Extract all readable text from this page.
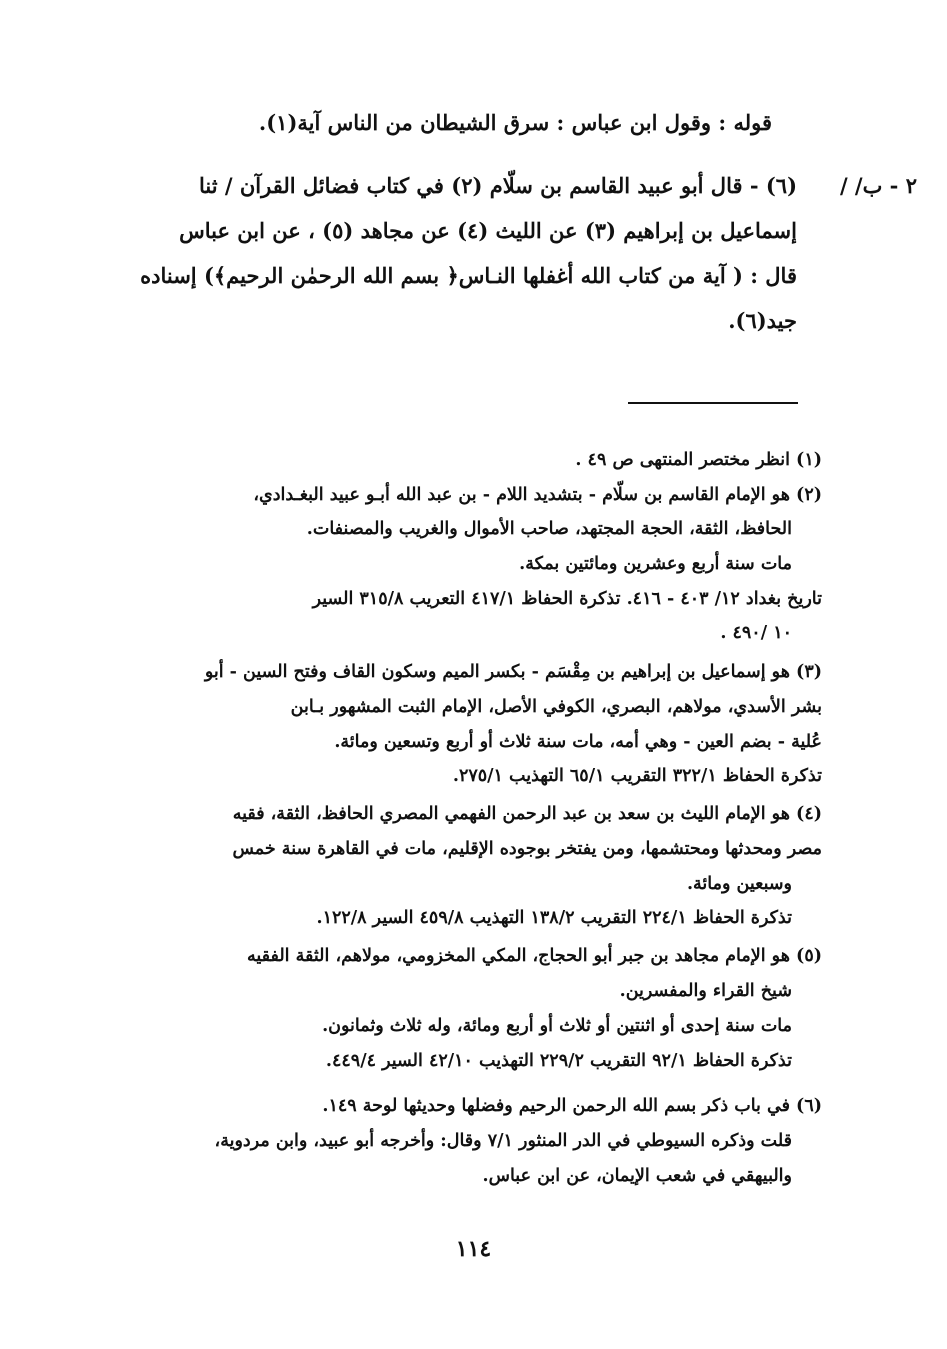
قوله : وقول ابن عباس : سرق الشيطان من الناس آية(١).
٢ - ب/ /
(٦) - قال أبو عبيد القاسم بن سلّام (٢) في كتاب فضائل القرآن / ثنا
إسماعيل بن إبراهيم (٣) عن الليث (٤) عن مجاهد (٥) ، عن ابن عباس
قال : ( آية من كتاب الله أغفلها النـاس﴿ بسم الله الرحمٰن الرحيم﴾) إسناده
جيد(٦).
(١) انظر مختصر المنتهى ص ٤٩ .
(٢) هو الإمام القاسم بن سلّام - بتشديد اللام - بن عبد الله أبـو عبيد البغـدادي،
الحافظ، الثقة، الحجة المجتهد، صاحب الأموال والغريب والمصنفات.
مات سنة أربع وعشرين ومائتين بمكة.
تاريخ بغداد ١٢/ ٤٠٣ - ٤١٦. تذكرة الحفاظ ٤١٧/١ التعريب ٣١٥/٨ السير
١٠ /٤٩٠ .
(٣) هو إسماعيل بن إبراهيم بن مِقْسَم - بكسر الميم وسكون القاف وفتح السين - أبو
بشر الأسدي، مولاهم، البصري، الكوفي الأصل، الإمام الثبت المشهور بـابن
عُلية - بضم العين - وهي أمه، مات سنة ثلاث أو أربع وتسعين ومائة.
تذكرة الحفاظ ٣٢٢/١ التقريب ٦٥/١ التهذيب ٢٧٥/١.
(٤) هو الإمام الليث بن سعد بن عبد الرحمن الفهمي المصري الحافظ، الثقة، فقيه
مصر ومحدثها ومحتشمها، ومن يفتخر بوجوده الإقليم، مات في القاهرة سنة خمس
وسبعين ومائة.
تذكرة الحفاظ ٢٢٤/١ التقريب ١٣٨/٢ التهذيب ٤٥٩/٨ السير ١٢٢/٨.
(٥) هو الإمام مجاهد بن جبر أبو الحجاج، المكي المخزومي، مولاهم، الثقة الفقيه
شيخ القراء والمفسرين.
مات سنة إحدى أو اثنتين أو ثلاث أو أربع ومائة، وله ثلاث وثمانون.
تذكرة الحفاظ ٩٢/١ التقريب ٢٢٩/٢ التهذيب ٤٢/١٠ السير ٤٤٩/٤.
(٦) في باب ذكر بسم الله الرحمن الرحيم وفضلها وحديثها لوحة ١٤٩.
قلت وذكره السيوطي في الدر المنثور ٧/١ وقال: وأخرجه أبو عبيد، وابن مردوية،
والبيهقي في شعب الإيمان، عن ابن عباس.
١١٤
